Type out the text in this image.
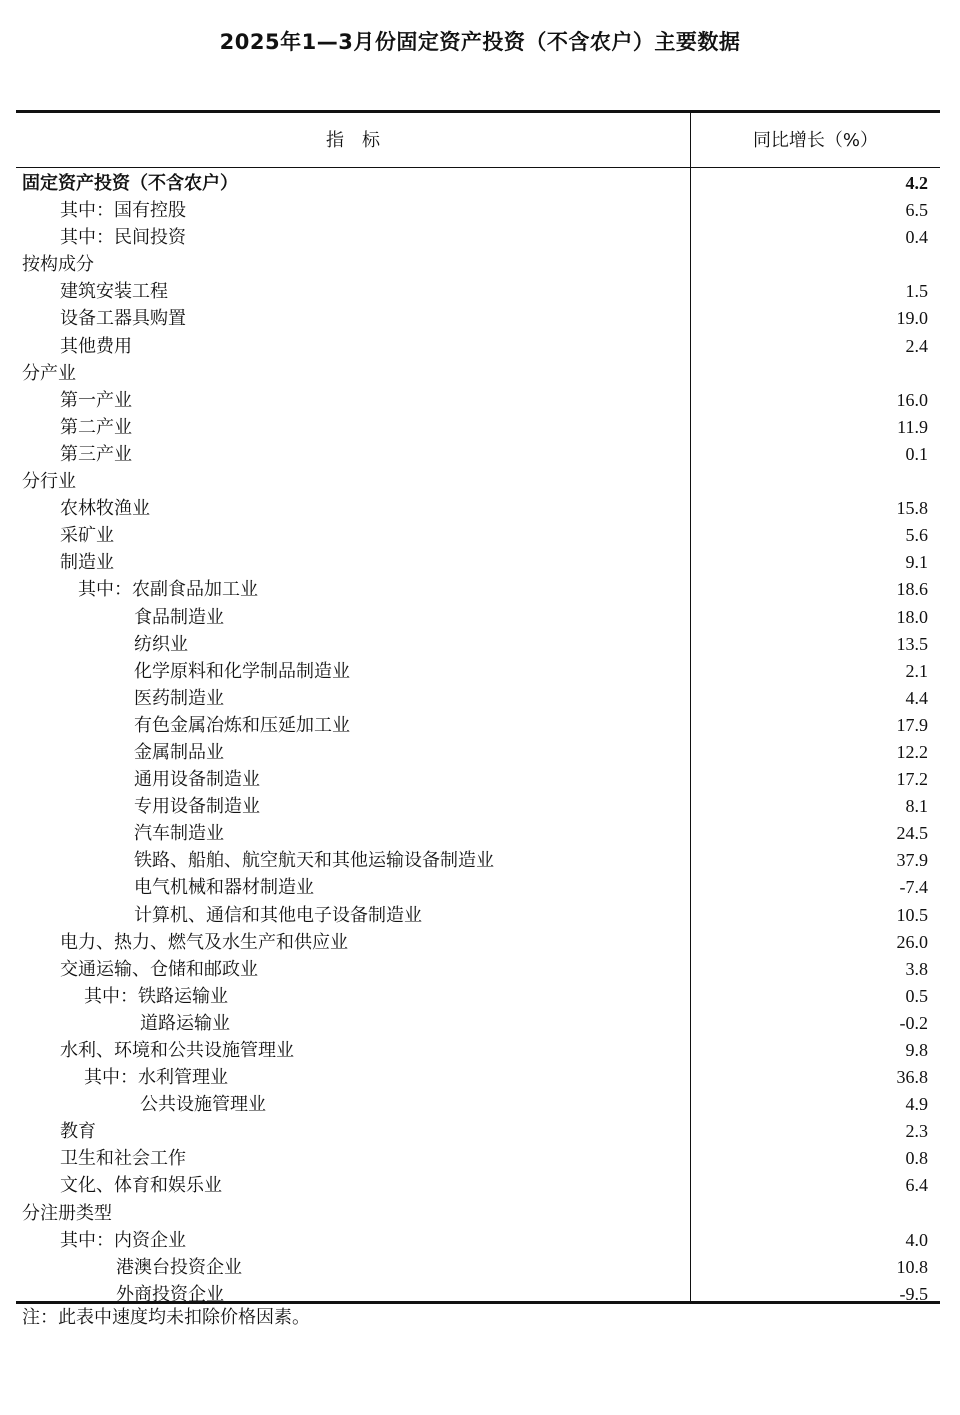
2025年1—3月份固定资产投资（不含农户）主要数据
指　标	同比增长（%）
固定资产投资（不含农户）	4.2
其中：国有控股	6.5
其中：民间投资	0.4
按构成分
建筑安装工程	1.5
设备工器具购置	19.0
其他费用	2.4
分产业
第一产业	16.0
第二产业	11.9
第三产业	0.1
分行业
农林牧渔业	15.8
采矿业	5.6
制造业	9.1
其中：农副食品加工业	18.6
食品制造业	18.0
纺织业	13.5
化学原料和化学制品制造业	2.1
医药制造业	4.4
有色金属冶炼和压延加工业	17.9
金属制品业	12.2
通用设备制造业	17.2
专用设备制造业	8.1
汽车制造业	24.5
铁路、船舶、航空航天和其他运输设备制造业	37.9
电气机械和器材制造业	-7.4
计算机、通信和其他电子设备制造业	10.5
电力、热力、燃气及水生产和供应业	26.0
交通运输、仓储和邮政业	3.8
其中：铁路运输业	0.5
道路运输业	-0.2
水利、环境和公共设施管理业	9.8
其中：水利管理业	36.8
公共设施管理业	4.9
教育	2.3
卫生和社会工作	0.8
文化、体育和娱乐业	6.4
分注册类型
其中：内资企业	4.0
港澳台投资企业	10.8
外商投资企业	-9.5
注：此表中速度均未扣除价格因素。
